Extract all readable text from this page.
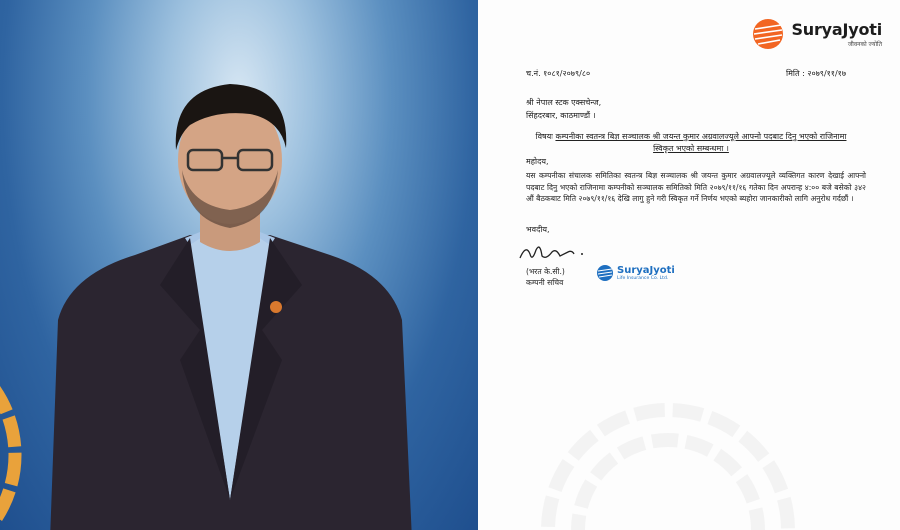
SuryaJyoti
जीवनको ज्योति
च.नं. १०८१/२०७९/८०	मिति : २०७९/११/१७
श्री नेपाल स्टक एक्सचेन्ज,
सिंहदरबार, काठमाण्डौं ।
विषयः कम्पनीका स्वतन्त्र बिज्ञ सञ्चालक श्री जयन्त कुमार अग्रवालज्यूले आफ्नो पदबाट दिनु भएको राजिनामा स्विकृत भएको सम्बन्धमा ।
महोदय,
यस कम्पनीका संचालक समितिका स्वतन्त्र बिज्ञ सञ्चालक श्री जयन्त कुमार अग्रवालज्यूले व्यक्तिगत कारण देखाई आफ्नो पदबाट दिनु भएको राजिनामा कम्पनीको सञ्चालक समितिको मिति २०७९/११/१६ गतेका दिन अपरान्ह ४:०० बजे बसेको ३४२ औं बैठकबाट मिति २०७९/११/१६ देखि लागु हुने गरी स्विकृत गर्ने निर्णय भएको ब्यहोरा जानकारीको लागि अनुरोध गर्दछौं ।
भवदीय,
(भरत के.सी.)
कम्पनी सचिव
SuryaJyoti
Life Insurance Co. Ltd.
